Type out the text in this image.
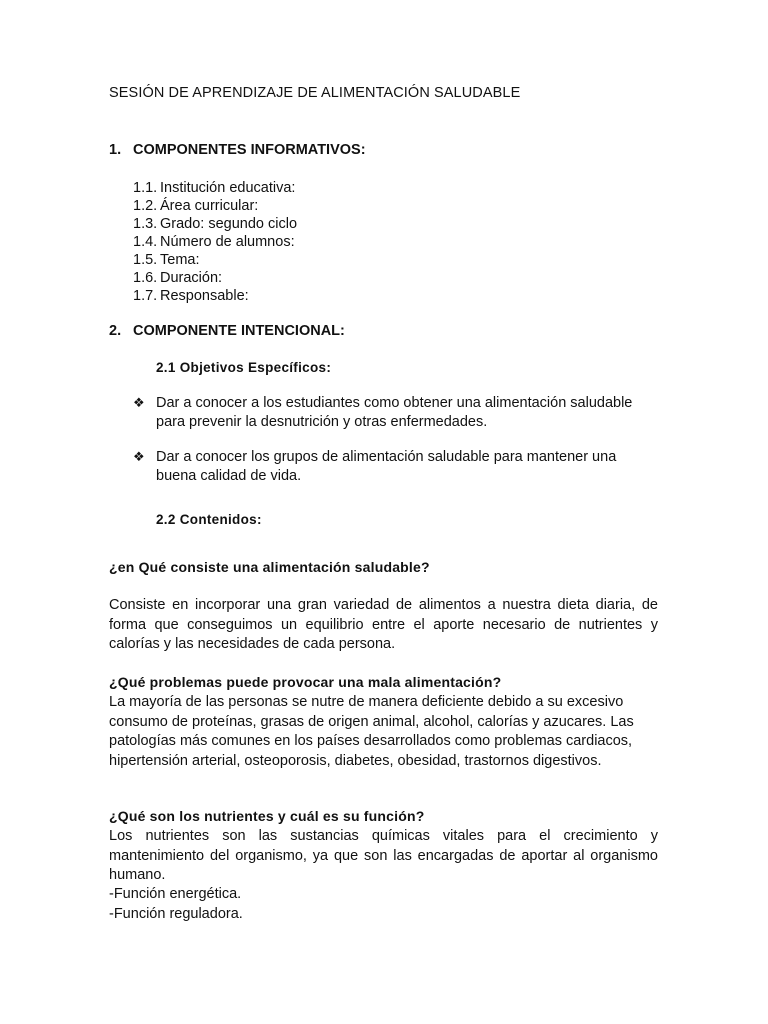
SESIÓN DE APRENDIZAJE DE ALIMENTACIÓN SALUDABLE

1. COMPONENTES INFORMATIVOS:
1.1. Institución educativa:
1.2. Área curricular:
1.3. Grado: segundo ciclo
1.4. Número de alumnos:
1.5. Tema:
1.6. Duración:
1.7. Responsable:
2. COMPONENTE INTENCIONAL:

2.1 Objetivos Específicos:

❖ Dar a conocer a los estudiantes como obtener una alimentación saludable para prevenir la desnutrición y otras enfermedades.
❖ Dar a conocer los grupos de alimentación saludable para mantener una buena calidad de vida.

2.2 Contenidos:

¿en Qué consiste una alimentación saludable?

Consiste en incorporar una gran variedad de alimentos a nuestra dieta diaria, de forma que conseguimos un equilibrio entre el aporte necesario de nutrientes y calorías y las necesidades de cada persona.

¿Qué problemas puede provocar una mala alimentación?

La mayoría de las personas se nutre de manera deficiente debido a su excesivo consumo de proteínas, grasas de origen animal, alcohol, calorías y azucares. Las patologías más comunes en los países desarrollados como problemas cardiacos, hipertensión arterial, osteoporosis, diabetes, obesidad, trastornos digestivos.

¿Qué son los nutrientes y cuál es su función?

Los nutrientes son las sustancias químicas vitales para el crecimiento y mantenimiento del organismo, ya que son las encargadas de aportar al organismo humano.

-Función energética.

-Función reguladora.
